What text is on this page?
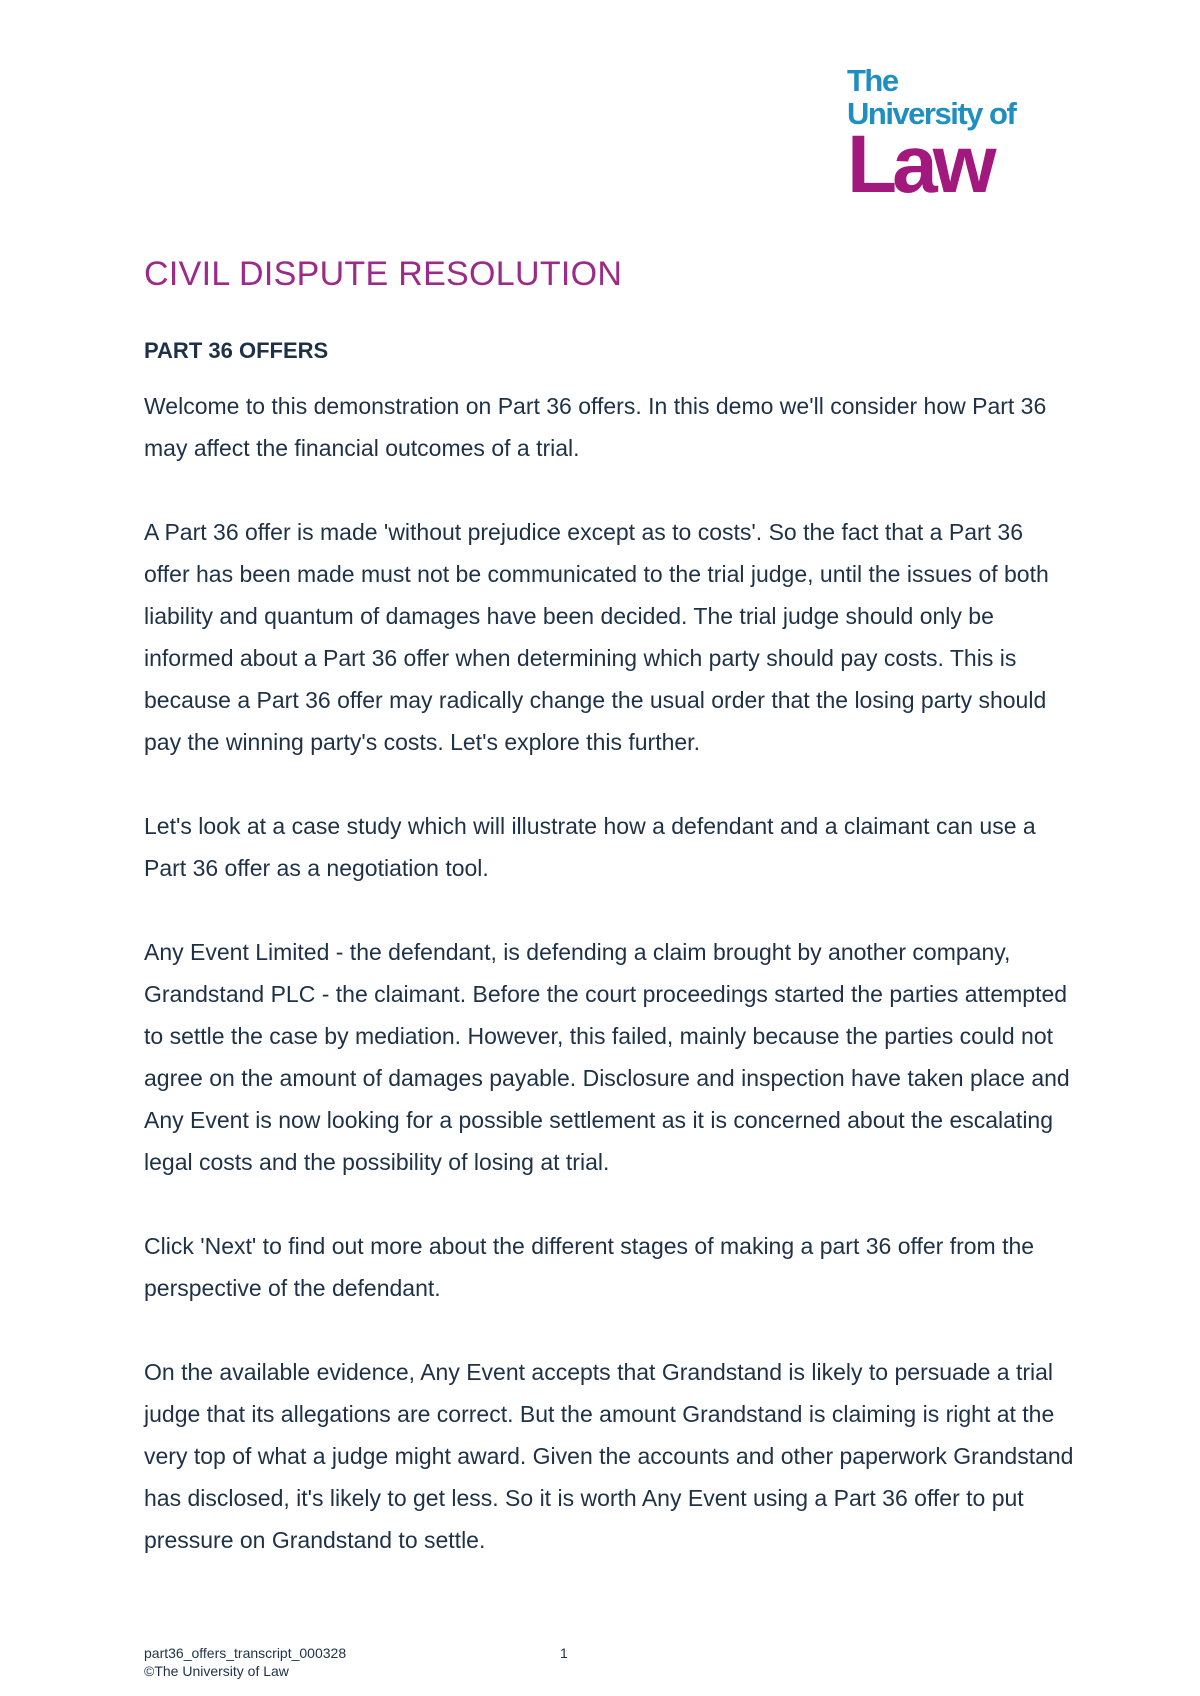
The
University of
Law
CIVIL DISPUTE RESOLUTION
PART 36 OFFERS

Welcome to this demonstration on Part 36 offers. In this demo we'll consider how Part 36 may affect the financial outcomes of a trial.

A Part 36 offer is made 'without prejudice except as to costs'. So the fact that a Part 36 offer has been made must not be communicated to the trial judge, until the issues of both liability and quantum of damages have been decided. The trial judge should only be informed about a Part 36 offer when determining which party should pay costs. This is because a Part 36 offer may radically change the usual order that the losing party should pay the winning party's costs. Let's explore this further.

Let's look at a case study which will illustrate how a defendant and a claimant can use a Part 36 offer as a negotiation tool.

Any Event Limited - the defendant, is defending a claim brought by another company, Grandstand PLC - the claimant. Before the court proceedings started the parties attempted to settle the case by mediation. However, this failed, mainly because the parties could not agree on the amount of damages payable. Disclosure and inspection have taken place and Any Event is now looking for a possible settlement as it is concerned about the escalating legal costs and the possibility of losing at trial.

Click 'Next' to find out more about the different stages of making a part 36 offer from the perspective of the defendant.

On the available evidence, Any Event accepts that Grandstand is likely to persuade a trial judge that its allegations are correct. But the amount Grandstand is claiming is right at the very top of what a judge might award. Given the accounts and other paperwork Grandstand has disclosed, it's likely to get less. So it is worth Any Event using a Part 36 offer to put pressure on Grandstand to settle.

part36_offers_transcript_000328
©The University of Law
1
